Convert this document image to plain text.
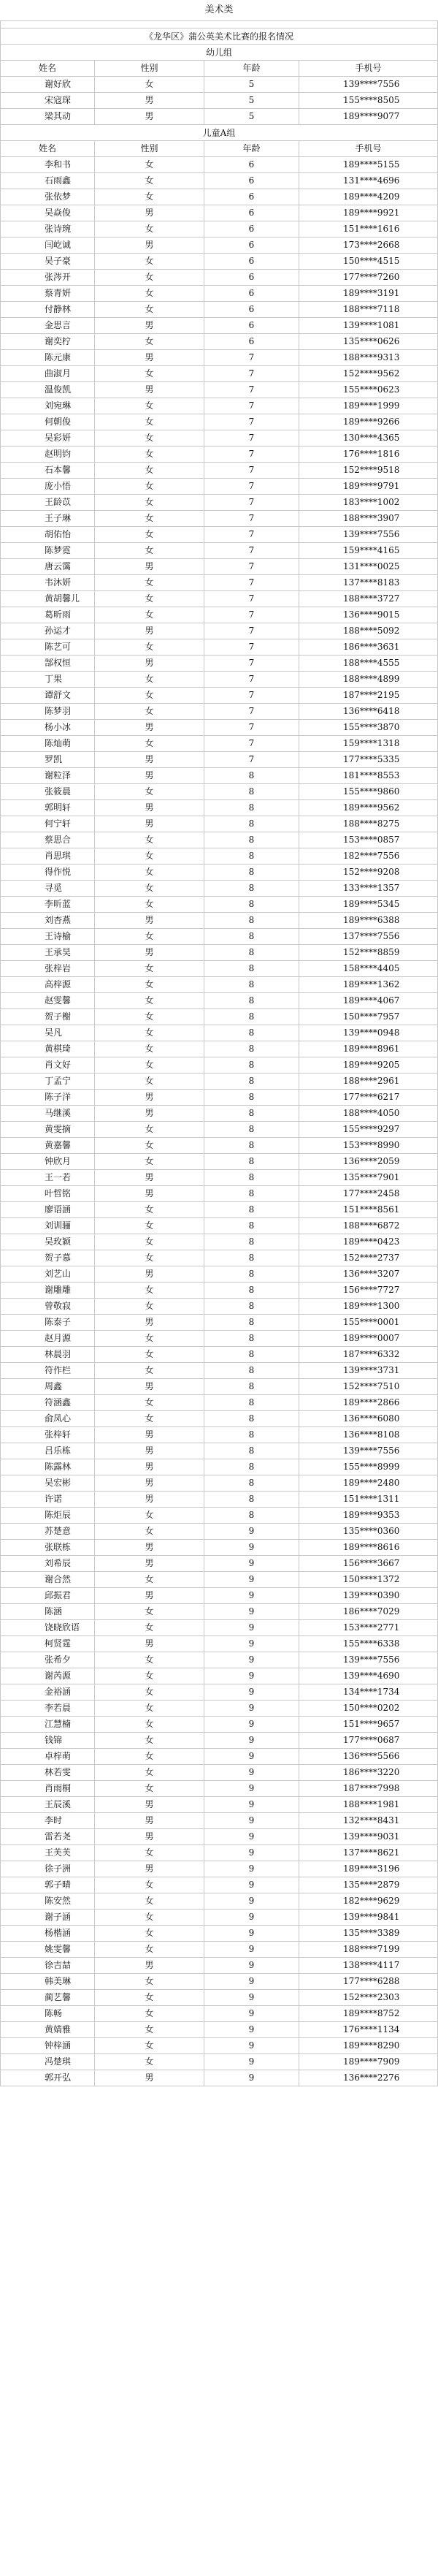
美术类
《龙华区》蒲公英美术比赛的报名情况
幼儿组
姓名	性别	年龄	手机号
谢好欣	女	5	139****7556
宋寇琛	男	5	155****8505
梁其动	男	5	189****9077
儿童A组
姓名	性别	年龄	手机号
李和书	女	6	189****5155
石雨鑫	女	6	131****4696
张依梦	女	6	189****4209
吴焱俊	男	6	189****9921
张诗琬	女	6	151****1616
闫屹诚	男	6	173****2668
吴子豪	女	6	150****4515
张涔开	女	6	177****7260
蔡青妍	女	6	189****3191
付静林	女	6	188****7118
金思言	男	6	139****1081
谢奕柠	女	6	135****0626
陈元康	男	7	188****9313
曲淑月	女	7	152****9562
温俊凯	男	7	155****0623
刘宛琳	女	7	189****1999
何朝俊	女	7	189****9266
吴彩妍	女	7	130****4365
赵明钧	女	7	176****1816
石本馨	女	7	152****9518
庞小悟	女	7	189****9791
王龄苡	女	7	183****1002
王子琳	女	7	188****3907
胡佑怡	女	7	139****7556
陈梦霓	女	7	159****4165
唐云霭	男	7	131****0025
韦沐妍	女	7	137****8183
黄胡馨儿	女	7	188****3727
葛昕雨	女	7	136****9015
孙运才	男	7	188****5092
陈艺可	女	7	186****3631
郜权恒	男	7	188****4555
丁果	女	7	188****4899
谭舒文	女	7	187****2195
陈梦羽	女	7	136****6418
杨小冰	男	7	155****3870
陈灿萌	女	7	159****1318
罗凯	男	7	177****5335
谢粒泽	男	8	181****8553
张筱晨	女	8	155****9860
郭明轩	男	8	189****9562
何宁轩	男	8	188****8275
蔡思合	女	8	153****0857
肖思琪	女	8	182****7556
得作悦	女	8	152****9208
寻觅	女	8	133****1357
李昕蓝	女	8	189****5345
刘杏燕	男	8	189****6388
王诗榆	女	8	137****7556
王承昊	男	8	152****8859
张梓岩	女	8	158****4405
高梓源	女	8	189****1362
赵雯馨	女	8	189****4067
贺子榭	女	8	150****7957
吴凡	女	8	139****0948
黄棋琦	女	8	189****8961
肖文好	女	8	189****9205
丁孟宁	女	8	188****2961
陈子洋	男	8	177****6217
马继溪	男	8	188****4050
黄雯摘	女	8	155****9297
黄嘉馨	女	8	153****8990
钟欣月	女	8	136****2059
王一若	男	8	135****7901
叶哲铭	男	8	177****2458
廖语涵	女	8	151****8561
刘训骊	女	8	188****6872
吴玫颖	女	8	189****0423
贺子慕	女	8	152****2737
刘艺山	男	8	136****3207
谢雕雕	女	8	156****7727
曾敬寂	女	8	189****1300
陈泰子	男	8	155****0001
赵月源	女	8	189****0007
林晨羽	女	8	187****6332
符作栏	女	8	139****3731
周鑫	男	8	152****7510
符涵鑫	女	8	189****2866
俞凤心	女	8	136****6080
张梓轩	男	8	136****8108
吕乐栋	男	8	139****7556
陈露林	男	8	155****8999
吴宏彬	男	8	189****2480
许诺	男	8	151****1311
陈炬辰	女	8	189****9353
苏楚意	女	9	135****0360
张联栋	男	9	189****8616
刘希辰	男	9	156****3667
谢合然	女	9	150****1372
邱振君	男	9	139****0390
陈涵	女	9	186****7029
饶晓欣语	女	9	153****2771
柯贤霆	男	9	155****6338
张希夕	女	9	139****7556
谢芮源	女	9	139****4690
金裕涵	女	9	134****1734
李若晨	女	9	150****0202
江慧楠	女	9	151****9657
钱锦	女	9	177****0687
卓梓萌	女	9	136****5566
林若雯	女	9	186****3220
肖雨桐	女	9	187****7998
王辰溪	男	9	188****1981
李时	男	9	132****8431
雷若尧	男	9	139****9031
王芙芙	女	9	137****8621
徐子洲	男	9	189****3196
郭子晴	女	9	135****2879
陈安然	女	9	182****9629
谢子涵	女	9	139****9841
杨楷涵	女	9	135****3389
姚雯馨	女	9	188****7199
徐吉喆	男	9	138****4117
韩美琳	女	9	177****6288
蔺艺馨	女	9	152****2303
陈畅	女	9	189****8752
黄婧雅	女	9	176****1134
钟梓涵	女	9	189****8290
冯楚琪	女	9	189****7909
郭开弘	男	9	136****2276
